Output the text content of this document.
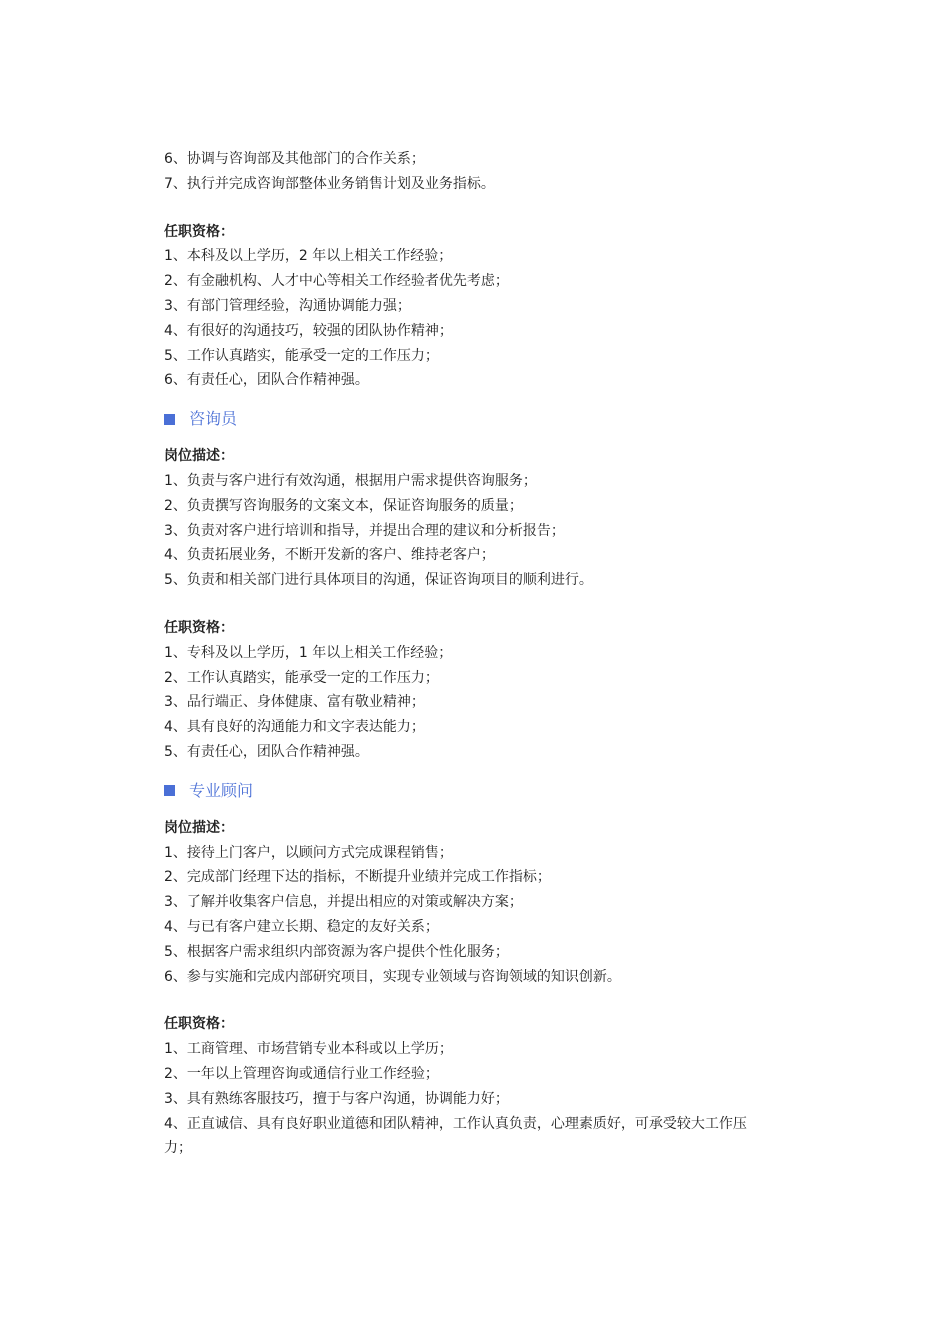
6、协调与咨询部及其他部门的合作关系；
7、执行并完成咨询部整体业务销售计划及业务指标。
任职资格：
1、本科及以上学历，2 年以上相关工作经验；
2、有金融机构、人才中心等相关工作经验者优先考虑；
3、有部门管理经验，沟通协调能力强；
4、有很好的沟通技巧，较强的团队协作精神；
5、工作认真踏实，能承受一定的工作压力；
6、有责任心，团队合作精神强。
咨询员
岗位描述：
1、负责与客户进行有效沟通，根据用户需求提供咨询服务；
2、负责撰写咨询服务的文案文本，保证咨询服务的质量；
3、负责对客户进行培训和指导，并提出合理的建议和分析报告；
4、负责拓展业务，不断开发新的客户、维持老客户；
5、负责和相关部门进行具体项目的沟通，保证咨询项目的顺利进行。
任职资格：
1、专科及以上学历，1 年以上相关工作经验；
2、工作认真踏实，能承受一定的工作压力；
3、品行端正、身体健康、富有敬业精神；
4、具有良好的沟通能力和文字表达能力；
5、有责任心，团队合作精神强。
专业顾问
岗位描述：
1、接待上门客户，以顾问方式完成课程销售；
2、完成部门经理下达的指标，不断提升业绩并完成工作指标；
3、了解并收集客户信息，并提出相应的对策或解决方案；
4、与已有客户建立长期、稳定的友好关系；
5、根据客户需求组织内部资源为客户提供个性化服务；
6、参与实施和完成内部研究项目，实现专业领域与咨询领域的知识创新。
任职资格：
1、工商管理、市场营销专业本科或以上学历；
2、一年以上管理咨询或通信行业工作经验；
3、具有熟练客服技巧，擅于与客户沟通，协调能力好；
4、正直诚信、具有良好职业道德和团队精神，工作认真负责，心理素质好，可承受较大工作压力；
